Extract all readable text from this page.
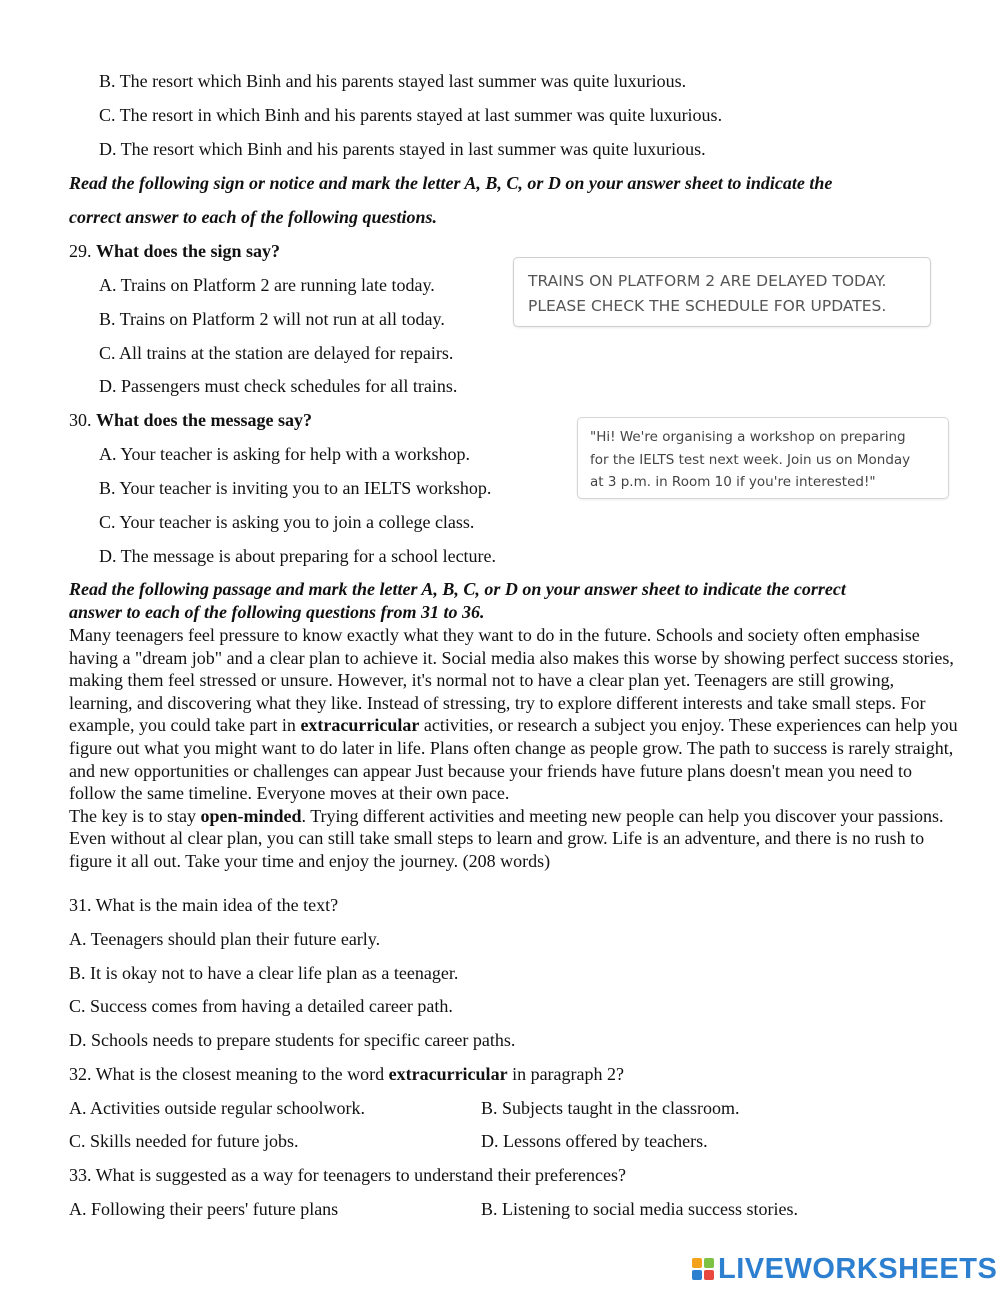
B. The resort which Binh and his parents stayed last summer was quite luxurious.
C. The resort in which Binh and his parents stayed at last summer was quite luxurious.
D. The resort which Binh and his parents stayed in last summer was quite luxurious.
Read the following sign or notice and mark the letter A, B, C, or D on your answer sheet to indicate the
correct answer to each of the following questions.
29. What does the sign say?
A. Trains on Platform 2 are running late today.
B. Trains on Platform 2 will not run at all today.
C. All trains at the station are delayed for repairs.
D. Passengers must check schedules for all trains.
TRAINS ON PLATFORM 2 ARE DELAYED TODAY.
PLEASE CHECK THE SCHEDULE FOR UPDATES.
30. What does the message say?
A. Your teacher is asking for help with a workshop.
B. Your teacher is inviting you to an IELTS workshop.
C. Your teacher is asking you to join a college class.
D. The message is about preparing for a school lecture.
"Hi! We're organising a workshop on preparing
for the IELTS test next week. Join us on Monday
at 3 p.m. in Room 10 if you're interested!"
Read the following passage and mark the letter A, B, C, or D on your answer sheet to indicate the correct
answer to each of the following questions from 31 to 36.

Many teenagers feel pressure to know exactly what they want to do in the future. Schools and society often emphasise having a "dream job" and a clear plan to achieve it. Social media also makes this worse by showing perfect success stories, making them feel stressed or unsure. However, it's normal not to have a clear plan yet. Teenagers are still growing, learning, and discovering what they like. Instead of stressing, try to explore different interests and take small steps. For example, you could take part in extracurricular activities, or research a subject you enjoy. These experiences can help you figure out what you might want to do later in life. Plans often change as people grow. The path to success is rarely straight, and new opportunities or challenges can appear Just because your friends have future plans doesn't mean you need to follow the same timeline. Everyone moves at their own pace.

The key is to stay open-minded. Trying different activities and meeting new people can help you discover your passions. Even without al clear plan, you can still take small steps to learn and grow. Life is an adventure, and there is no rush to figure it all out. Take your time and enjoy the journey. (208 words)

31. What is the main idea of the text?
A. Teenagers should plan their future early.
B. It is okay not to have a clear life plan as a teenager.
C. Success comes from having a detailed career path.
D. Schools needs to prepare students for specific career paths.
32. What is the closest meaning to the word extracurricular in paragraph 2?
A. Activities outside regular schoolwork.	B. Subjects taught in the classroom.
C. Skills needed for future jobs.	D. Lessons offered by teachers.
33. What is suggested as a way for teenagers to understand their preferences?
A. Following their peers' future plans	B. Listening to social media success stories.
LIVEWORKSHEETS
